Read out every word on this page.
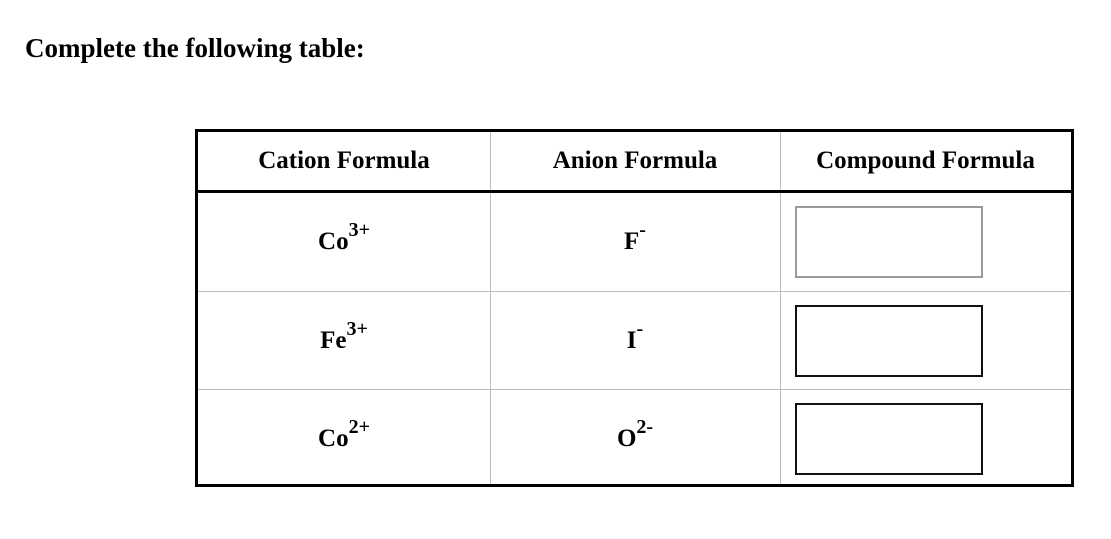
Complete the following table:
Cation Formula	Anion Formula	Compound Formula
$Co^{3+}$	F-
$Fe^{3+}$	I-
$Co^{2+}$	$O^{2-}$
